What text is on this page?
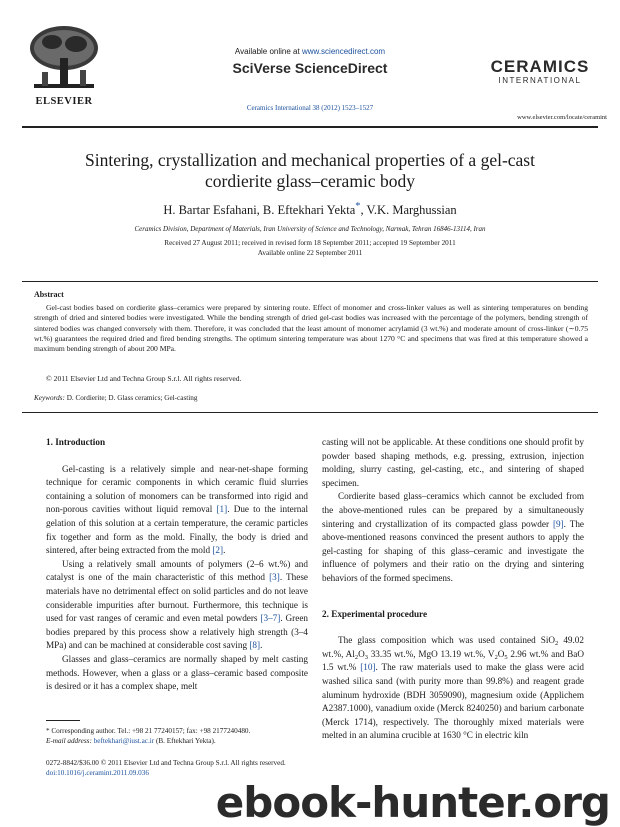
ELSEVIER
Available online at www.sciencedirect.com
SciVerse ScienceDirect
Ceramics International 38 (2012) 1523–1527
CERAMICS
INTERNATIONAL
www.elsevier.com/locate/ceramint
Sintering, crystallization and mechanical properties of a gel-cast
cordierite glass–ceramic body
H. Bartar Esfahani, B. Eftekhari Yekta*, V.K. Marghussian
Ceramics Division, Department of Materials, Iran University of Science and Technology, Narmak, Tehran 16846-13114, Iran
Received 27 August 2011; received in revised form 18 September 2011; accepted 19 September 2011
Available online 22 September 2011
Abstract
Gel-cast bodies based on cordierite glass–ceramics were prepared by sintering route. Effect of monomer and cross-linker values as well as sintering temperatures on bending strength of dried and sintered bodies were investigated. While the bending strength of dried gel-cast bodies was increased with the percentage of the polymers, bending strength of sintered bodies was changed conversely with them. Therefore, it was concluded that the least amount of monomer acrylamid (3 wt.%) and moderate amount of cross-linker (∼0.75 wt.%) guarantees the required dried and fired bending strengths. The optimum sintering temperature was about 1270 °C and specimens that was fired at this temperature showed a maximum bending strength of about 200 MPa.
© 2011 Elsevier Ltd and Techna Group S.r.l. All rights reserved.
Keywords: D. Cordierite; D. Glass ceramics; Gel-casting
1. Introduction

Gel-casting is a relatively simple and near-net-shape forming technique for ceramic components in which ceramic fluid slurries containing a solution of monomers can be transformed into rigid and non-porous cavities without liquid removal [1]. Due to the internal gelation of this solution at a certain temperature, the ceramic particles fix together and form as the mold. Finally, the body is dried and sintered, after being extracted from the mold [2].

Using a relatively small amounts of polymers (2–6 wt.%) and catalyst is one of the main characteristic of this method [3]. These materials have no detrimental effect on solid particles and do not leave considerable impurities after burnout. Furthermore, this technique is used for vast ranges of ceramic and even metal powders [3–7]. Green bodies prepared by this process show a relatively high strength (3–4 MPa) and can be machined at considerable cost saving [8].

Glasses and glass–ceramics are normally shaped by melt casting methods. However, when a glass or a glass–ceramic based composite is desired or it has a complex shape, melt

casting will not be applicable. At these conditions one should profit by powder based shaping methods, e.g. pressing, extrusion, injection molding, slurry casting, gel-casting, etc., and sintering of shaped specimen.

Cordierite based glass–ceramics which cannot be excluded from the above-mentioned rules can be prepared by a simultaneously sintering and crystallization of its compacted glass powder [9]. The above-mentioned reasons convinced the present authors to apply the gel-casting for shaping of this glass–ceramic and investigate the influence of polymers and their ratio on the drying and sintering behaviors of the formed specimens.

2. Experimental procedure

The glass composition which was used contained SiO$_2$ 49.02 wt.%, $Al_2O_3$ 33.35 wt.%, MgO 13.19 wt.%, $V_2O_5$ 2.96 wt.% and BaO 1.5 wt.% [10]. The raw materials used to make the glass were acid washed silica sand (with purity more than 99.8%) and reagent grade aluminum hydroxide (BDH 3059090), magnesium oxide (Applichem A2387.1000), vanadium oxide (Merck 8240250) and barium carbonate (Merck 1714), respectively. The thoroughly mixed materials were melted in an alumina crucible at 1630 °C in electric kiln

* Corresponding author. Tel.: +98 21 77240157; fax: +98 2177240480.
E-mail address: beftekhari@iust.ac.ir (B. Eftekhari Yekta).
0272-8842/$36.00 © 2011 Elsevier Ltd and Techna Group S.r.l. All rights reserved.
doi:10.1016/j.ceramint.2011.09.036
ebook-hunter.org
